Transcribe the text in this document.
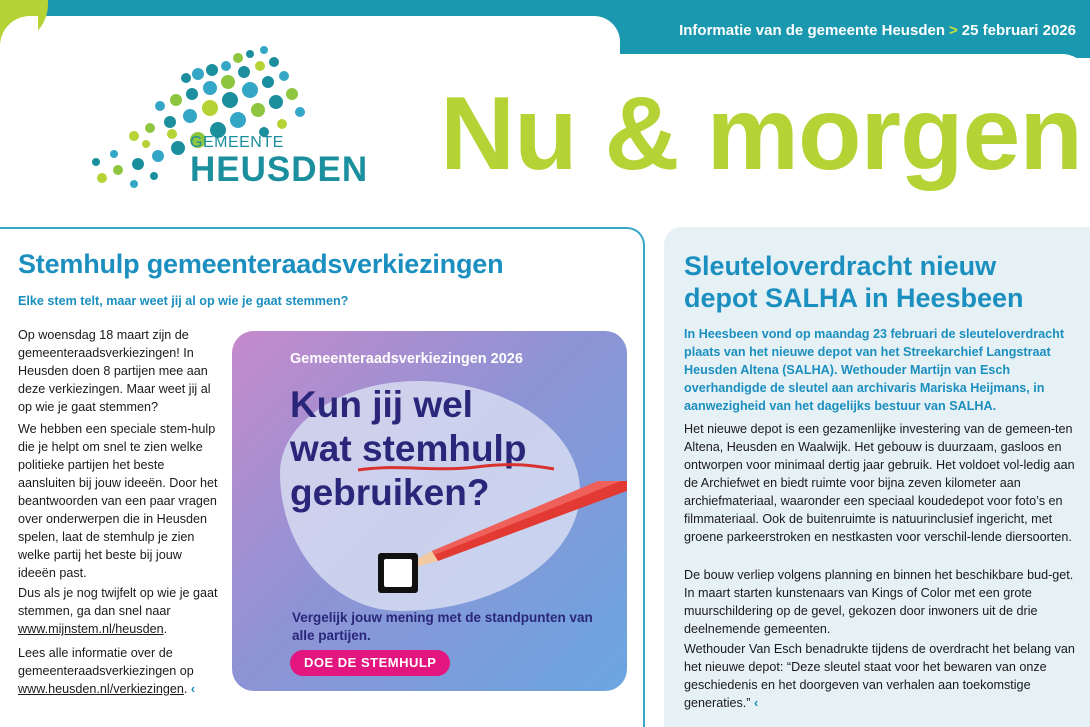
Informatie van de gemeente Heusden > 25 februari 2026
GEMEENTE
HEUSDEN Nu & morgen
Stemhulp gemeenteraadsverkiezingen
Elke stem telt, maar weet jij al op wie je gaat stemmen?

Op woensdag 18 maart zijn de gemeenteraadsverkiezingen! In Heusden doen 8 partijen mee aan deze verkiezingen. Maar weet jij al op wie je gaat stemmen?

We hebben een speciale stem-hulp die je helpt om snel te zien welke politieke partijen het beste aansluiten bij jouw ideeën. Door het beantwoorden van een paar vragen over onderwerpen die in Heusden spelen, laat de stemhulp je zien welke partij het beste bij jouw ideeën past.

Dus als je nog twijfelt op wie je gaat stemmen, ga dan snel naar www.mijnstem.nl/heusden.

Lees alle informatie over de gemeenteraadsverkiezingen op www.heusden.nl/verkiezingen. ‹

Gemeenteraadsverkiezingen 2026
Kun jij wel
wat stemhulp
gebruiken?
Vergelijk jouw mening met de standpunten van alle partijen.
DOE DE STEMHULP
Sleuteloverdracht nieuw depot SALHA in Heesbeen

In Heesbeen vond op maandag 23 februari de sleuteloverdracht plaats van het nieuwe depot van het Streekarchief Langstraat Heusden Altena (SALHA). Wethouder Martijn van Esch overhandigde de sleutel aan archivaris Mariska Heijmans, in aanwezigheid van het dagelijks bestuur van SALHA.

Het nieuwe depot is een gezamenlijke investering van de gemeen-ten Altena, Heusden en Waalwijk. Het gebouw is duurzaam, gasloos en ontworpen voor minimaal dertig jaar gebruik. Het voldoet vol-ledig aan de Archiefwet en biedt ruimte voor bijna zeven kilometer aan archiefmateriaal, waaronder een speciaal koudedepot voor foto’s en filmmateriaal. Ook de buitenruimte is natuurinclusief ingericht, met groene parkeerstroken en nestkasten voor verschil-lende diersoorten.

De bouw verliep volgens planning en binnen het beschikbare bud-get. In maart starten kunstenaars van Kings of Color met een grote muurschildering op de gevel, gekozen door inwoners uit de drie deelnemende gemeenten.

Wethouder Van Esch benadrukte tijdens de overdracht het belang van het nieuwe depot: “Deze sleutel staat voor het bewaren van onze geschiedenis en het doorgeven van verhalen aan toekomstige generaties.” ‹
